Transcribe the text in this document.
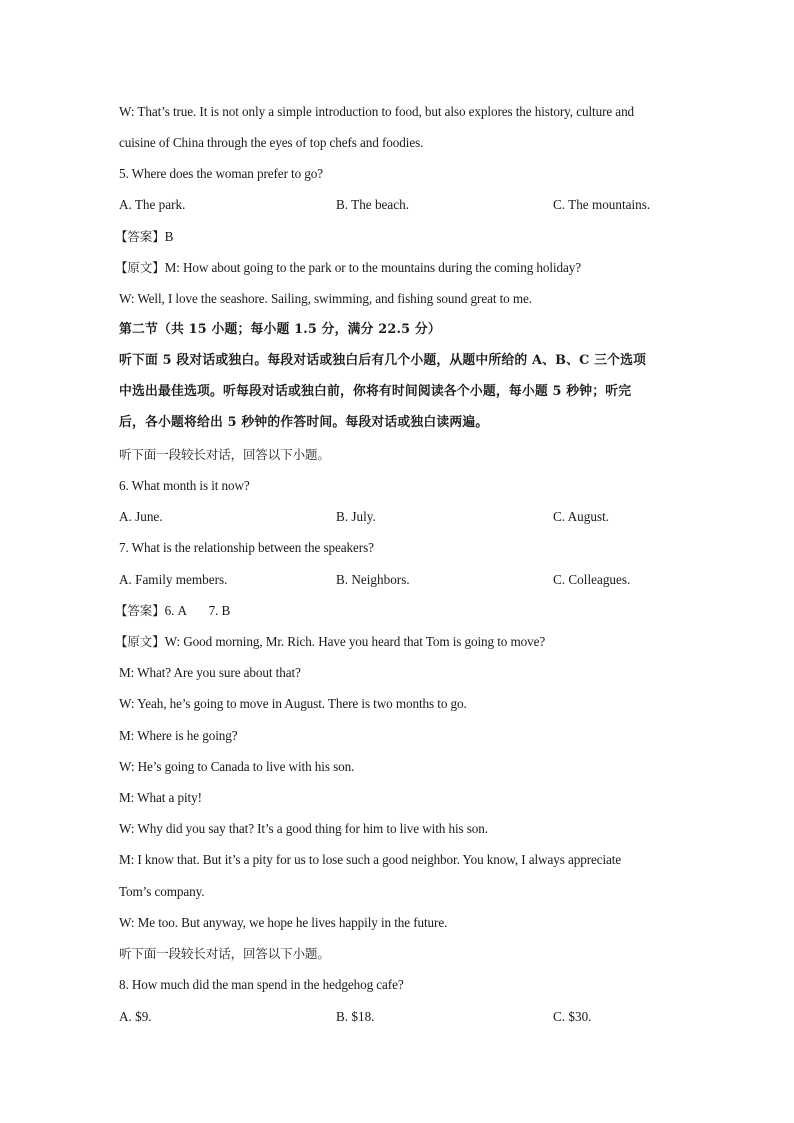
W: That’s true. It is not only a simple introduction to food, but also explores the history, culture and
cuisine of China through the eyes of top chefs and foodies.
5. Where does the woman prefer to go?
A. The park.	B. The beach.	C. The mountains.
【答案】B
【原文】M: How about going to the park or to the mountains during the coming holiday?
W: Well, I love the seashore. Sailing, swimming, and fishing sound great to me.
第二节（共 15 小题；每小题 1.5 分，满分 22.5 分）
听下面 5 段对话或独白。每段对话或独白后有几个小题，从题中所给的 A、B、C 三个选项
中选出最佳选项。听每段对话或独白前，你将有时间阅读各个小题，每小题 5 秒钟；听完
后，各小题将给出 5 秒钟的作答时间。每段对话或独白读两遍。
听下面一段较长对话，回答以下小题。
6. What month is it now?
A. June.	B. July.	C. August.
7. What is the relationship between the speakers?
A. Family members.	B. Neighbors.	C. Colleagues.
【答案】6. A       7. B
【原文】W: Good morning, Mr. Rich. Have you heard that Tom is going to move?
M: What? Are you sure about that?
W: Yeah, he’s going to move in August. There is two months to go.
M: Where is he going?
W: He’s going to Canada to live with his son.
M: What a pity!
W: Why did you say that? It’s a good thing for him to live with his son.
M: I know that. But it’s a pity for us to lose such a good neighbor. You know, I always appreciate
Tom’s company.
W: Me too. But anyway, we hope he lives happily in the future.
听下面一段较长对话，回答以下小题。
8. How much did the man spend in the hedgehog cafe?
A. $9.	B. $18.	C. $30.
